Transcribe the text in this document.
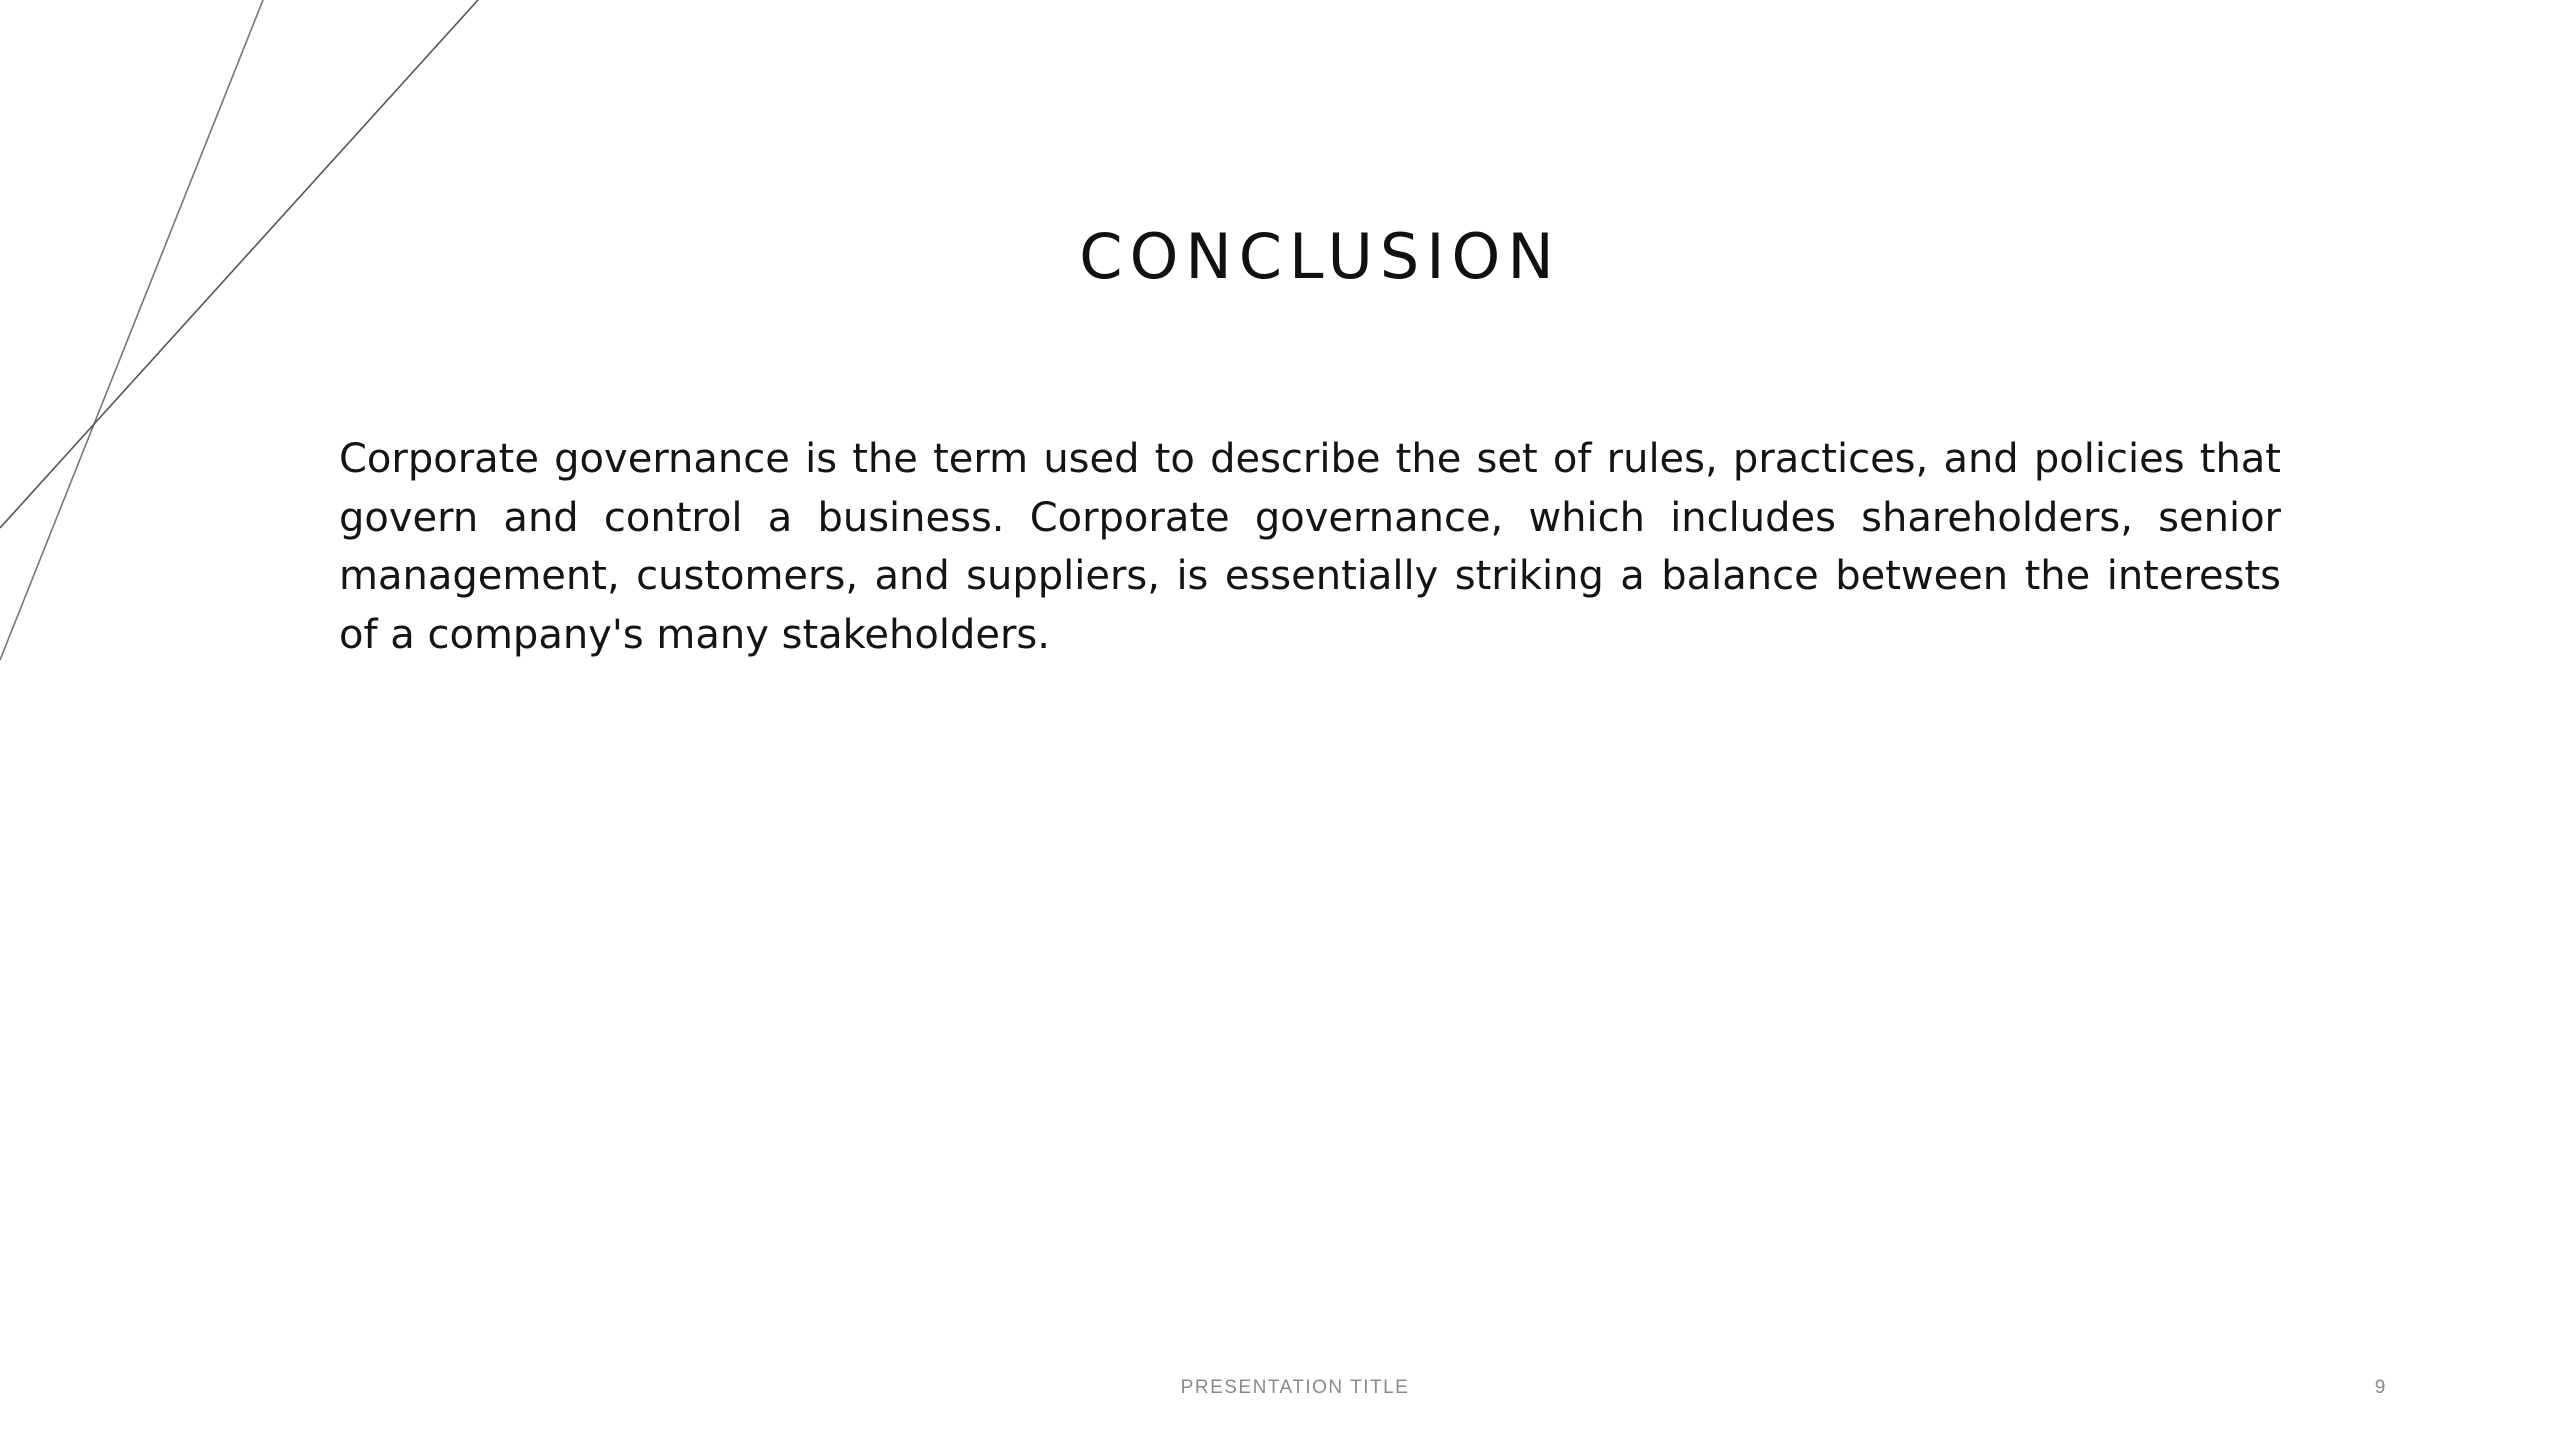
CONCLUSION

Corporate governance is the term used to describe the set of rules, practices, and policies that govern and control a business. Corporate governance, which includes shareholders, senior management, customers, and suppliers, is essentially striking a balance between the interests of a company's many stakeholders.

PRESENTATION TITLE	9
